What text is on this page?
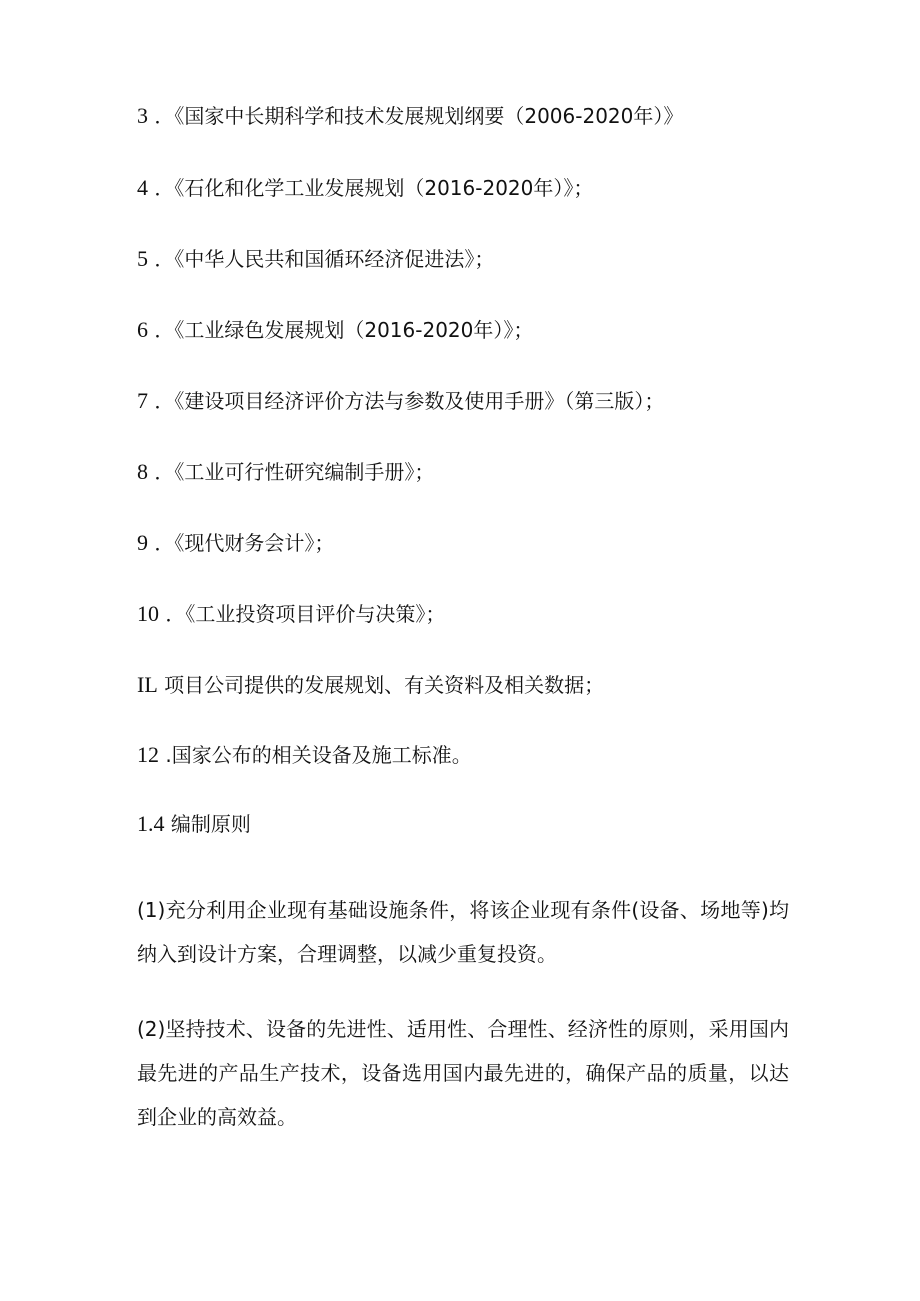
3 ．《国家中长期科学和技术发展规划纲要（2006-2020年）》
4 ．《石化和化学工业发展规划（2016-2020年）》；
5 ．《中华人民共和国循环经济促进法》；
6 ．《工业绿色发展规划（2016-2020年）》；
7 ．《建设项目经济评价方法与参数及使用手册》（第三版）；
8 ．《工业可行性研究编制手册》；
9 ．《现代财务会计》；
10 ．《工业投资项目评价与决策》；
IL 项目公司提供的发展规划、有关资料及相关数据；
12 .国家公布的相关设备及施工标准。
1.4 编制原则
(1)充分利用企业现有基础设施条件，将该企业现有条件(设备、场地等)均纳入到设计方案，合理调整，以减少重复投资。
(2)坚持技术、设备的先进性、适用性、合理性、经济性的原则，采用国内最先进的产品生产技术，设备选用国内最先进的，确保产品的质量，以达到企业的高效益。
